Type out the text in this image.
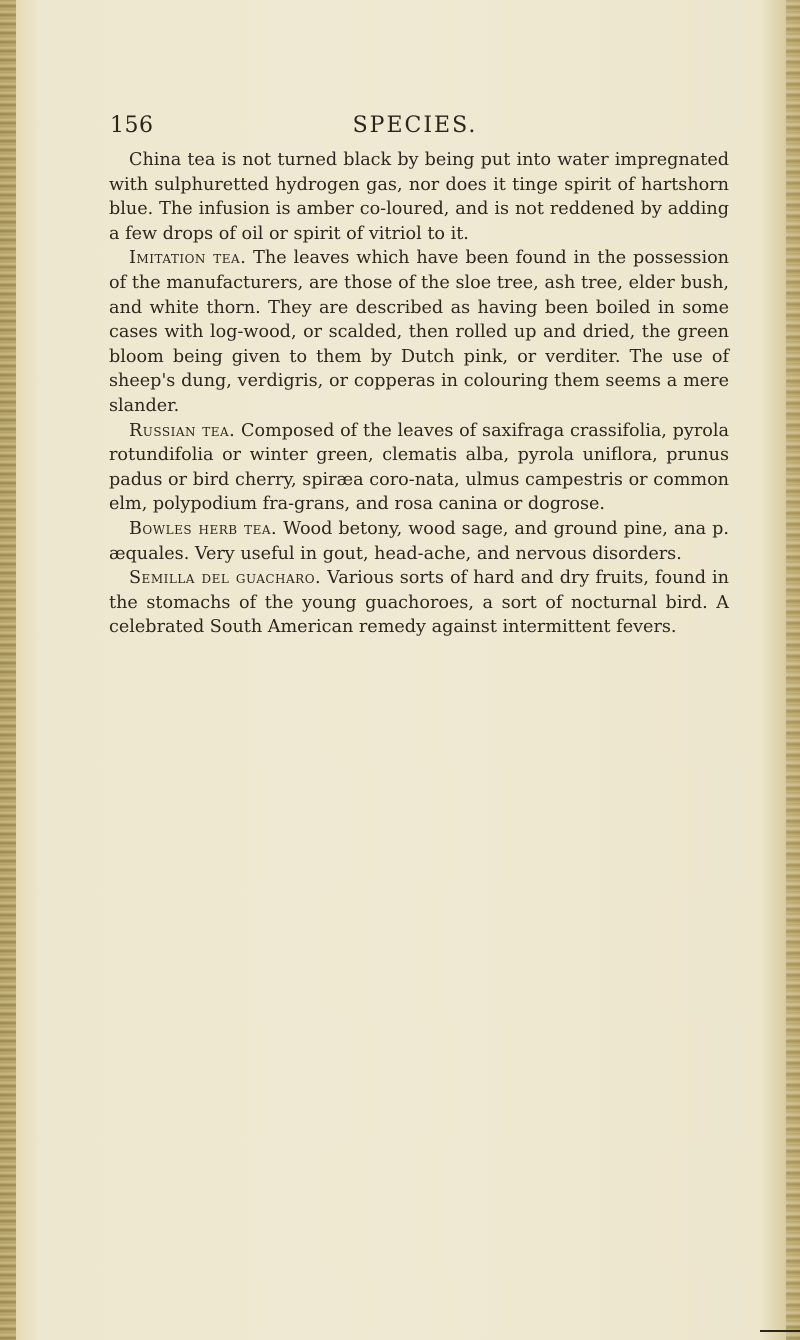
156	SPECIES.

China tea is not turned black by being put into water impregnated with sulphuretted hydrogen gas, nor does it tinge spirit of hartshorn blue. The infusion is amber co-loured, and is not reddened by adding a few drops of oil or spirit of vitriol to it.

Imitation tea. The leaves which have been found in the possession of the manufacturers, are those of the sloe tree, ash tree, elder bush, and white thorn. They are described as having been boiled in some cases with log-wood, or scalded, then rolled up and dried, the green bloom being given to them by Dutch pink, or verditer. The use of sheep's dung, verdigris, or copperas in colouring them seems a mere slander.

Russian tea. Composed of the leaves of saxifraga crassifolia, pyrola rotundifolia or winter green, clematis alba, pyrola uniflora, prunus padus or bird cherry, spiræa coro-nata, ulmus campestris or common elm, polypodium fra-grans, and rosa canina or dogrose.

Bowles herb tea. Wood betony, wood sage, and ground pine, ana p. æquales. Very useful in gout, head-ache, and nervous disorders.

Semilla del guacharo. Various sorts of hard and dry fruits, found in the stomachs of the young guachoroes, a sort of nocturnal bird. A celebrated South American remedy against intermittent fevers.
